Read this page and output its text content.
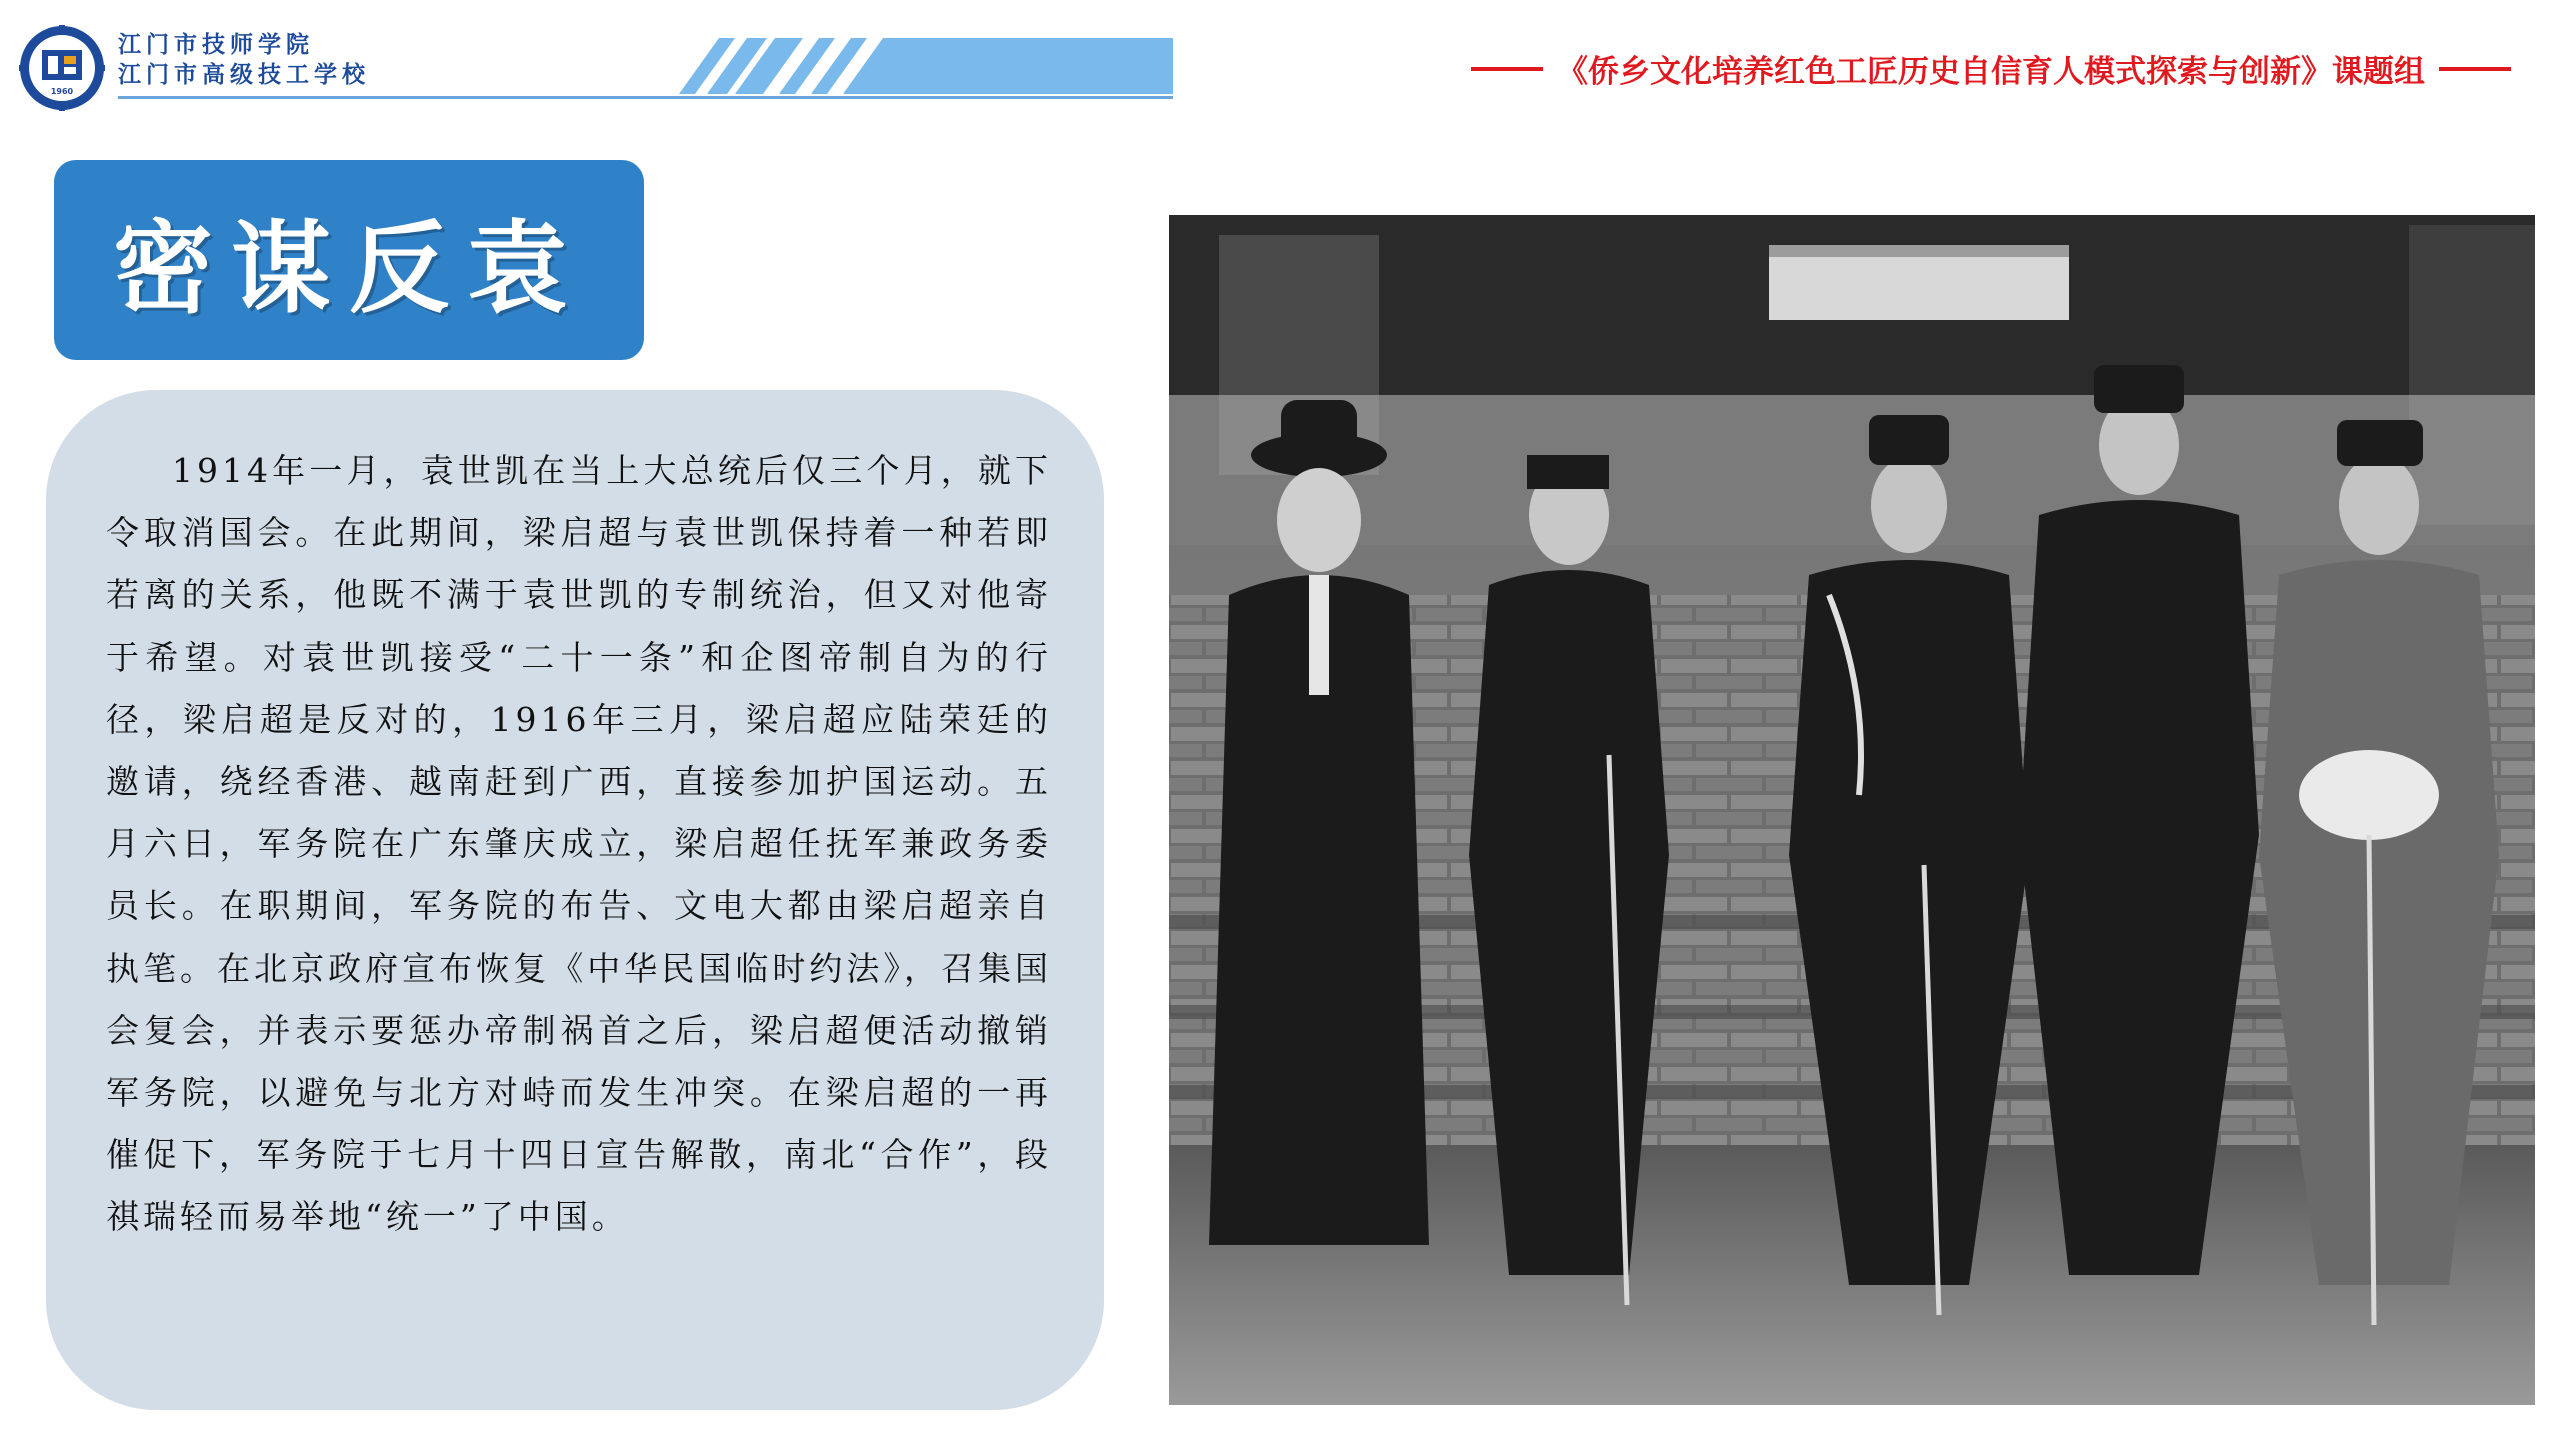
1960
江门市技师学院
江门市高级技工学校	《侨乡文化培养红色工匠历史自信育人模式探索与创新》课题组
密谋反袁

1914年一月，袁世凯在当上大总统后仅三个月，就下令取消国会。在此期间，梁启超与袁世凯保持着一种若即若离的关系，他既不满于袁世凯的专制统治，但又对他寄于希望。对袁世凯接受“二十一条”和企图帝制自为的行径，梁启超是反对的，1916年三月，梁启超应陆荣廷的邀请，绕经香港、越南赶到广西，直接参加护国运动。五月六日，军务院在广东肇庆成立，梁启超任抚军兼政务委员长。在职期间，军务院的布告、文电大都由梁启超亲自执笔。在北京政府宣布恢复《中华民国临时约法》，召集国会复会，并表示要惩办帝制祸首之后，梁启超便活动撤销军务院，以避免与北方对峙而发生冲突。在梁启超的一再催促下，军务院于七月十四日宣告解散，南北“合作”，段祺瑞轻而易举地“统一”了中国。
